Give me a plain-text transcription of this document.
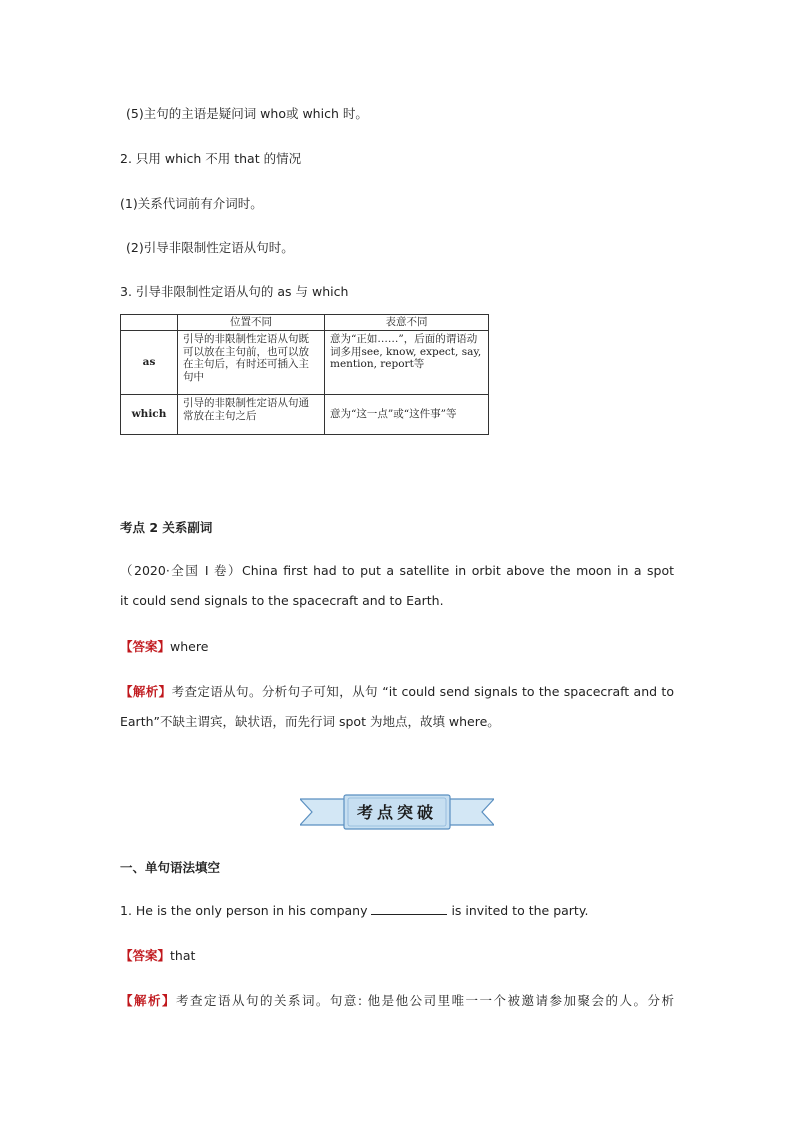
(5)主句的主语是疑问词 who或 which 时。
2. 只用 which 不用 that 的情况
(1)关系代词前有介词时。
(2)引导非限制性定语从句时。
3. 引导非限制性定语从句的 as 与 which
	位置不同	表意不同
as	引导的非限制性定语从句既可以放在主句前，也可以放在主句后，有时还可插入主句中	意为“正如……”，后面的谓语动词多用see, know, expect, say, mention, report等
which	引导的非限制性定语从句通常放在主句之后	意为“这一点”或“这件事”等
考点 2 关系副词
（2020·全国 I 卷）China first had to put a satellite in orbit above the moon in a spot
it could send signals to the spacecraft and to Earth.
【答案】where
【解析】考查定语从句。分析句子可知，从句 “it could send signals to the spacecraft and to
Earth”不缺主谓宾，缺状语，而先行词 spot 为地点，故填 where。
考点突破
一、单句语法填空
1. He is the only person in his company	is invited to the party.
【答案】that
【解析】考查定语从句的关系词。句意: 他是他公司里唯一一个被邀请参加聚会的人。分析
